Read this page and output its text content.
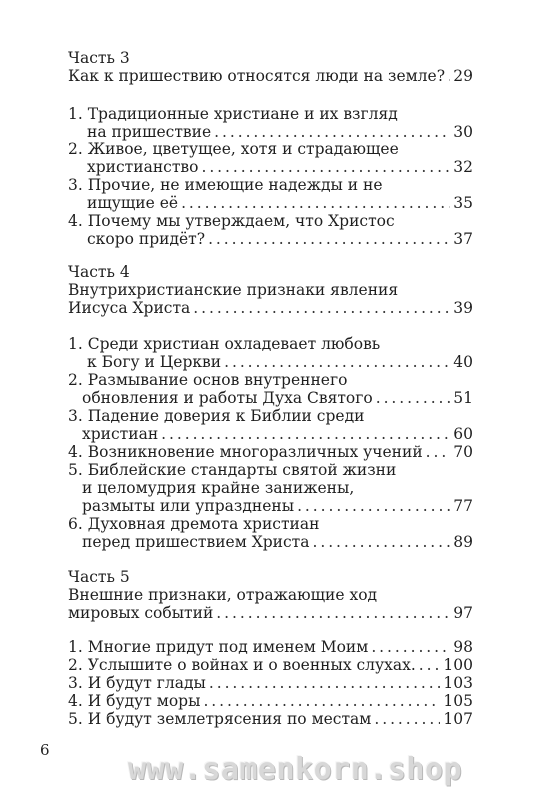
Часть 3
Как к пришествию относятся люди на земле? . . . 29
1. Традиционные христиане и их взгляд
на пришествие . . .	30
2. Живое, цветущее, хотя и страдающее
христианство . . .	32
3. Прочие, не имеющие надежды и не
ищущие её . . .	35
4. Почему мы утверждаем, что Христос
скоро придёт? . . .	37
Часть 4
Внутрихристианские признаки явления
Иисуса Христа . . .	39
1. Среди христиан охладевает любовь
к Богу и Церкви . . .	40
2. Размывание основ внутреннего
обновления и работы Духа Святого . . .	51
3. Падение доверия к Библии среди
христиан . . .	60
4. Возникновение многоразличных учений . . . 70
5. Библейские стандарты святой жизни
и целомудрия крайне занижены,
размыты или упразднены . . .	77
6. Духовная дремота христиан
перед пришествием Христа . . .	89
Часть 5
Внешние признаки, отражающие ход
мировых событий . . .	97
1. Многие придут под именем Моим . . .	98
2. Услышите о войнах и о военных слухах. . . . 100
3. И будут глады . . .	103
4. И будут моры . . .	105
5. И будут землетрясения по местам . . .	107
6
www.samenkorn.shop
